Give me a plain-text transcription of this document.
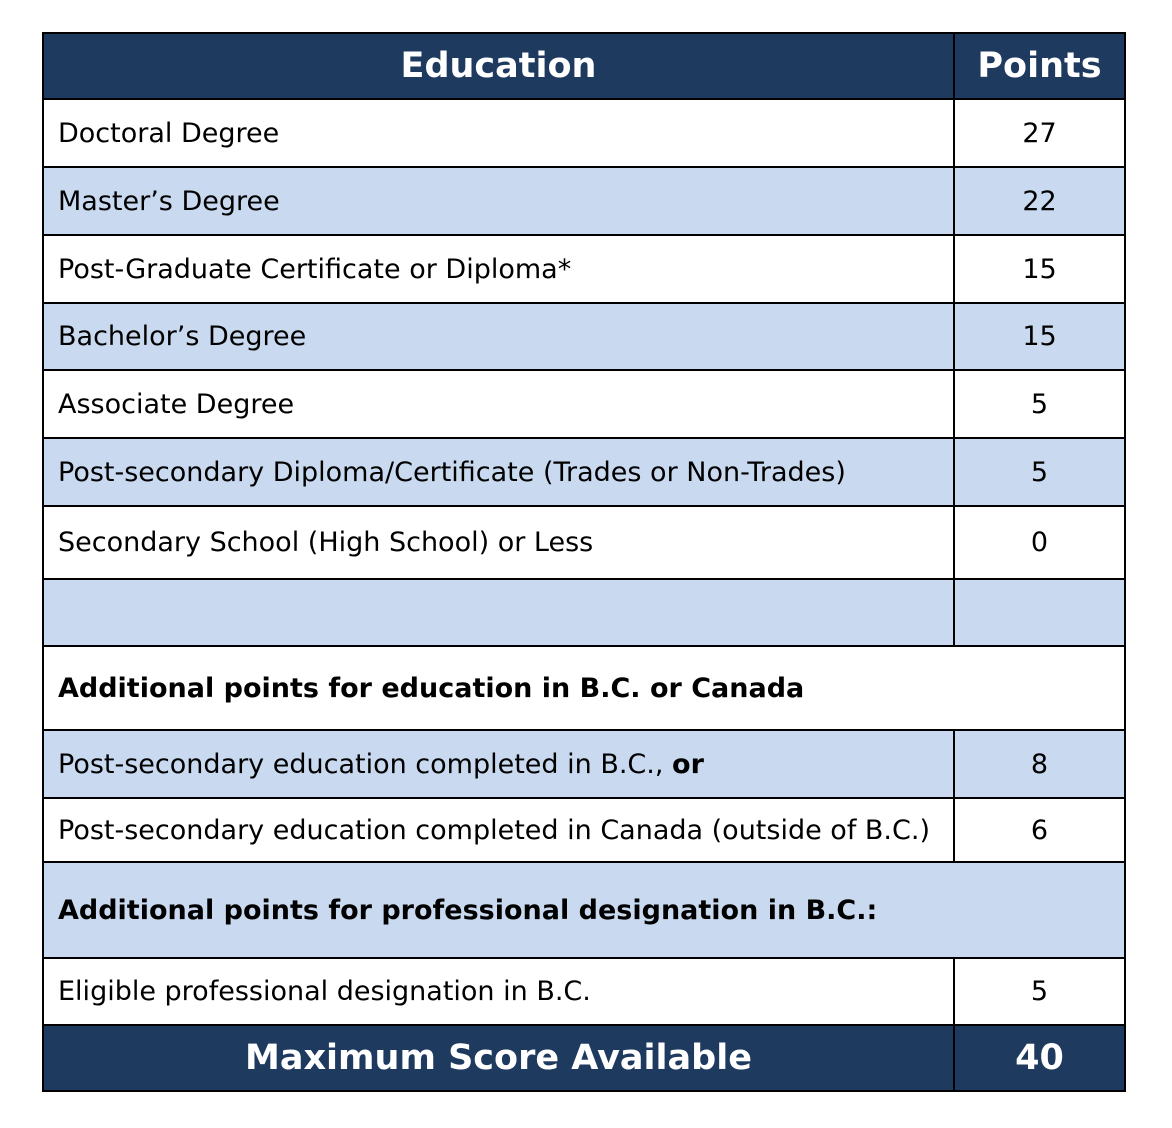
Education	Points
Doctoral Degree	27
Master’s Degree	22
Post-Graduate Certificate or Diploma*	15
Bachelor’s Degree	15
Associate Degree	5
Post-secondary Diploma/Certificate (Trades or Non-Trades)	5
Secondary School (High School) or Less	0

Additional points for education in B.C. or Canada	
Post-secondary education completed in B.C., or	8
Post-secondary education completed in Canada (outside of B.C.)	6
Additional points for professional designation in B.C.:	
Eligible professional designation in B.C.	5
Maximum Score Available	40
